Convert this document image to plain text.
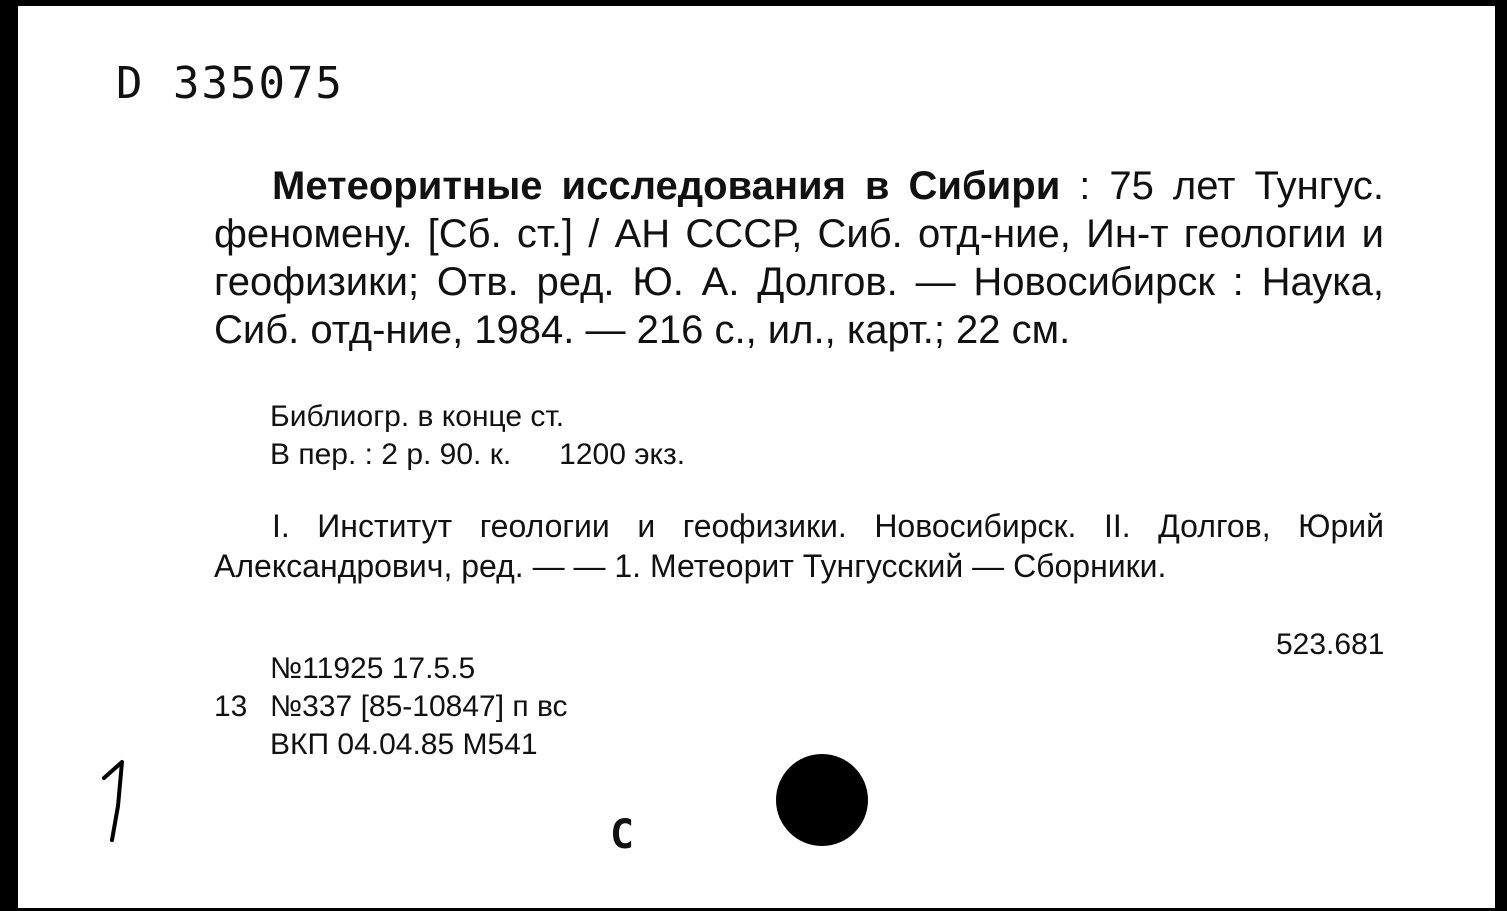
D 335075
Метеоритные исследования в Сибири : 75 лет Тунгус. феномену. [Сб. ст.] / АН СССР, Сиб. отд-ние, Ин-т геологии и геофизики; Отв. ред. Ю. А. Долгов. — Новосибирск : Наука, Сиб. отд-ние, 1984. — 216 с., ил., карт.; 22 см.
Библиогр. в конце ст.
В пер. : 2 р. 90. к. 1200 экз.
I. Институт геологии и геофизики. Новосибирск. II. Долгов, Юрий Александрович, ред. — — 1. Метеорит Тунгусский — Сборники.
523.681
№11925 17.5.5
13 №337 [85-10847] п вс
ВКП 04.04.85 М541
С
